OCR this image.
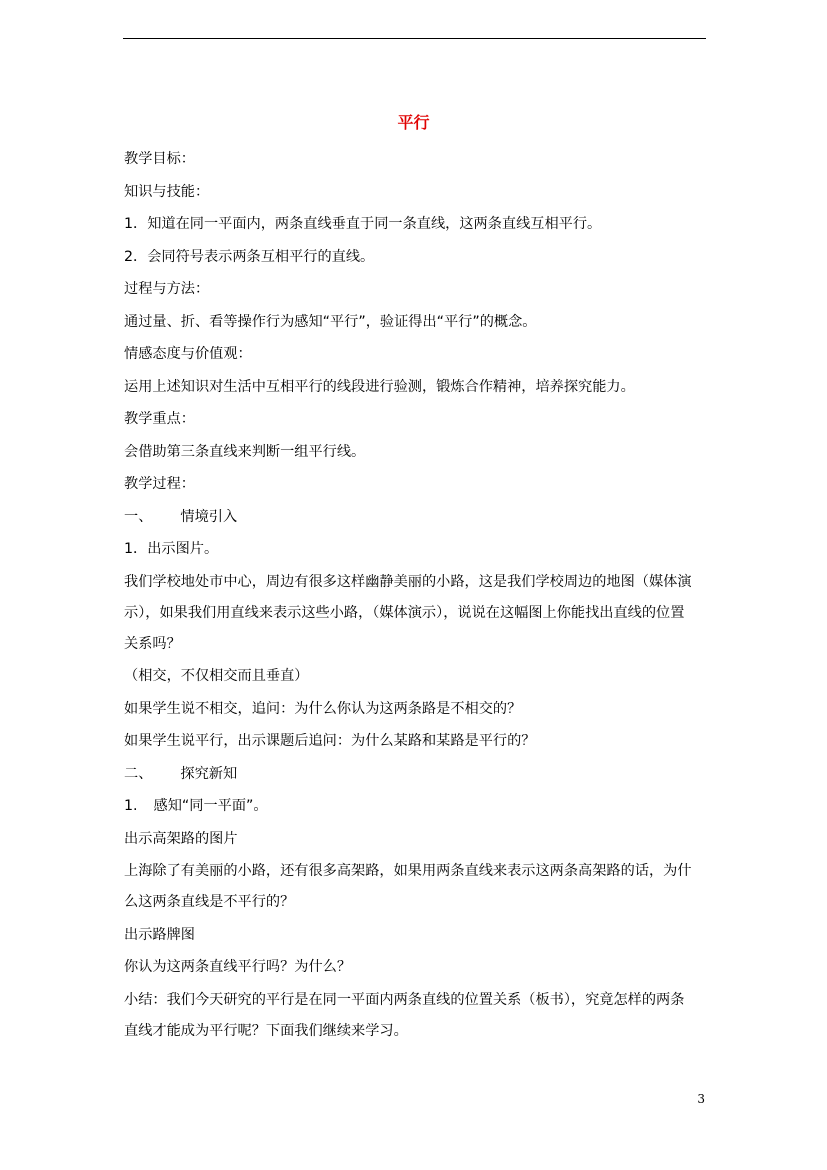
平行
教学目标：
知识与技能：
1．知道在同一平面内，两条直线垂直于同一条直线，这两条直线互相平行。
2．会同符号表示两条互相平行的直线。
过程与方法：
通过量、折、看等操作行为感知“平行”，验证得出“平行”的概念。
情感态度与价值观：
运用上述知识对生活中互相平行的线段进行验测，锻炼合作精神，培养探究能力。
教学重点：
会借助第三条直线来判断一组平行线。
教学过程：
一、 情境引入
1．出示图片。
我们学校地处市中心，周边有很多这样幽静美丽的小路，这是我们学校周边的地图（媒体演
示），如果我们用直线来表示这些小路，（媒体演示），说说在这幅图上你能找出直线的位置
关系吗？
（相交，不仅相交而且垂直）
如果学生说不相交，追问：为什么你认为这两条路是不相交的？
如果学生说平行，出示课题后追问：为什么某路和某路是平行的？
二、 探究新知
1. 感知“同一平面”。
出示高架路的图片
上海除了有美丽的小路，还有很多高架路，如果用两条直线来表示这两条高架路的话，为什
么这两条直线是不平行的？
出示路牌图
你认为这两条直线平行吗？为什么？
小结：我们今天研究的平行是在同一平面内两条直线的位置关系（板书），究竟怎样的两条
直线才能成为平行呢？下面我们继续来学习。
3
